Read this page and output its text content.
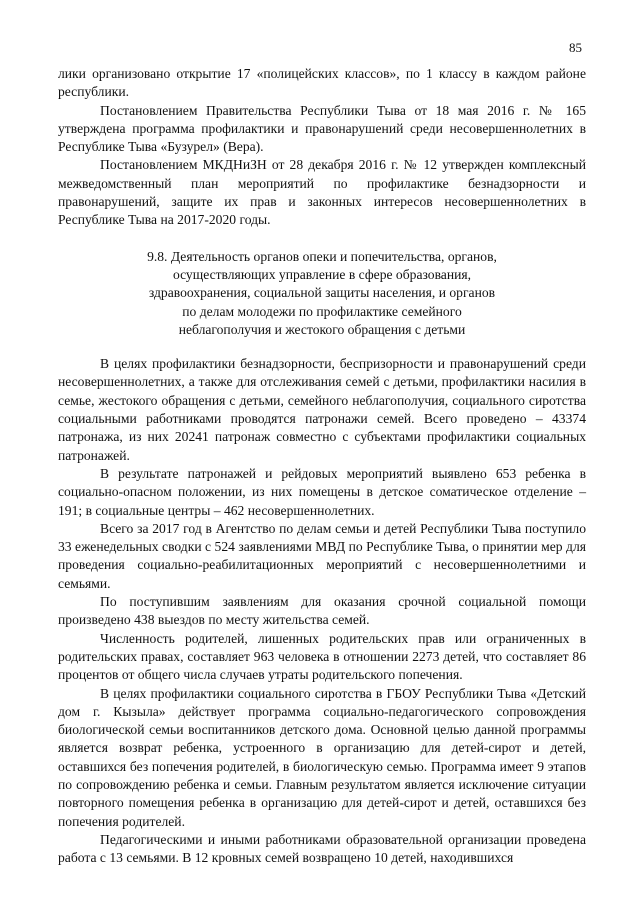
85

лики организовано открытие 17 «полицейских классов», по 1 классу в каждом районе республики.

Постановлением Правительства Республики Тыва от 18 мая 2016 г. № 165 утверждена программа профилактики и правонарушений среди несовершеннолетних в Республике Тыва «Бузурел» (Вера).

Постановлением МКДНиЗН от 28 декабря 2016 г. № 12 утвержден комплексный межведомственный план мероприятий по профилактике безнадзорности и правонарушений, защите их прав и законных интересов несовершеннолетних в Республике Тыва на 2017-2020 годы.

9.8. Деятельность органов опеки и попечительства, органов,
осуществляющих управление в сфере образования,
здравоохранения, социальной защиты населения, и органов
по делам молодежи по профилактике семейного
неблагополучия и жестокого обращения с детьми

В целях профилактики безнадзорности, беспризорности и правонарушений среди несовершеннолетних, а также для отслеживания семей с детьми, профилактики насилия в семье, жестокого обращения с детьми, семейного неблагополучия, социального сиротства социальными работниками проводятся патронажи семей. Всего проведено – 43374 патронажа, из них 20241 патронаж совместно с субъектами профилактики социальных патронажей.

В результате патронажей и рейдовых мероприятий выявлено 653 ребенка в социально-опасном положении, из них помещены в детское соматическое отделение – 191; в социальные центры – 462 несовершеннолетних.

Всего за 2017 год в Агентство по делам семьи и детей Республики Тыва поступило 33 еженедельных сводки с 524 заявлениями МВД по Республике Тыва, о принятии мер для проведения социально-реабилитационных мероприятий с несовершеннолетними и семьями.

По поступившим заявлениям для оказания срочной социальной помощи произведено 438 выездов по месту жительства семей.

Численность родителей, лишенных родительских прав или ограниченных в родительских правах, составляет 963 человека в отношении 2273 детей, что составляет 86 процентов от общего числа случаев утраты родительского попечения.

В целях профилактики социального сиротства в ГБОУ Республики Тыва «Детский дом г. Кызыла» действует программа социально-педагогического сопровождения биологической семьи воспитанников детского дома. Основной целью данной программы является возврат ребенка, устроенного в организацию для детей-сирот и детей, оставшихся без попечения родителей, в биологическую семью. Программа имеет 9 этапов по сопровождению ребенка и семьи. Главным результатом является исключение ситуации повторного помещения ребенка в организацию для детей-сирот и детей, оставшихся без попечения родителей.

Педагогическими и иными работниками образовательной организации проведена работа с 13 семьями. В 12 кровных семей возвращено 10 детей, находившихся
